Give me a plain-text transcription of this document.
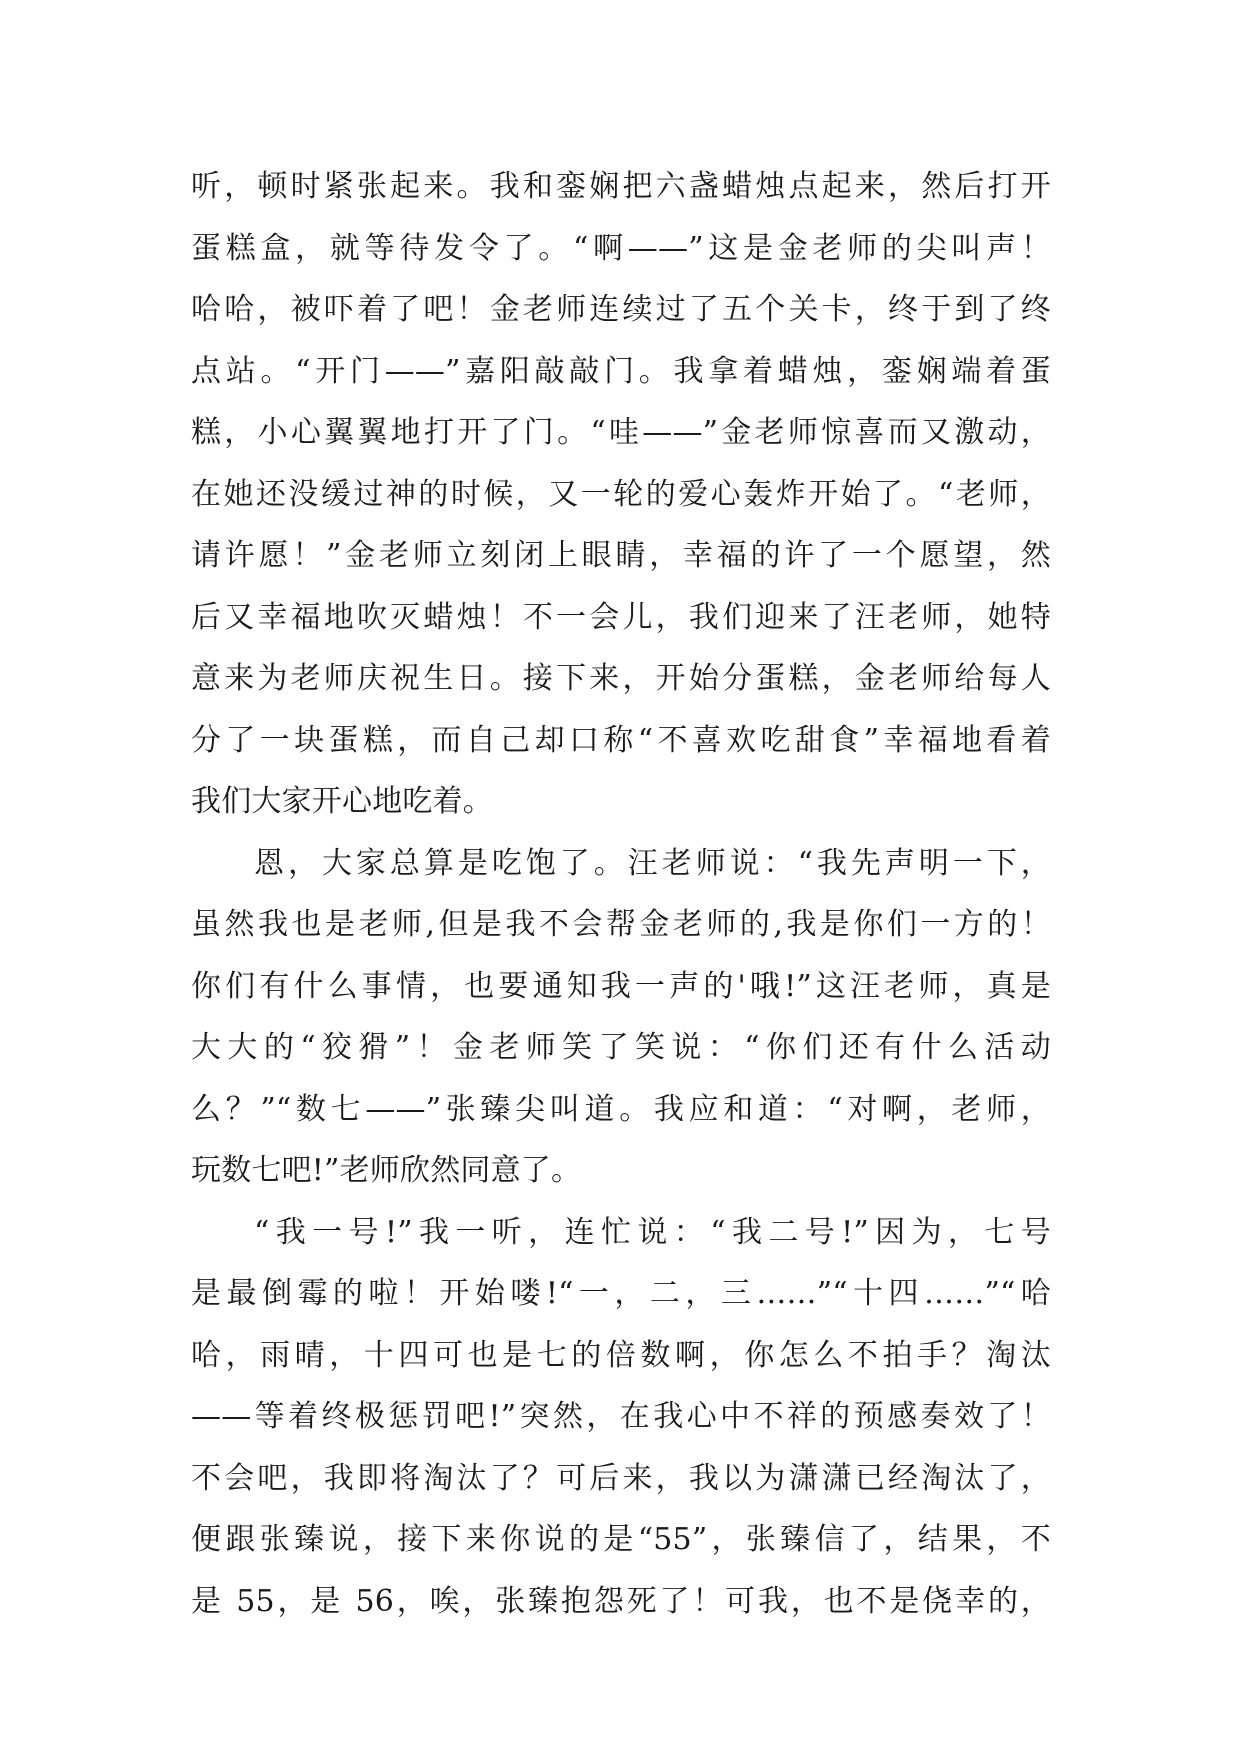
听，顿时紧张起来。我和銮娴把六盏蜡烛点起来，然后打开
蛋糕盒，就等待发令了。“啊——”这是金老师的尖叫声！
哈哈，被吓着了吧！金老师连续过了五个关卡，终于到了终
点站。“开门——”嘉阳敲敲门。我拿着蜡烛，銮娴端着蛋
糕，小心翼翼地打开了门。“哇——”金老师惊喜而又激动，
在她还没缓过神的时候，又一轮的爱心轰炸开始了。“老师，
请许愿！”金老师立刻闭上眼睛，幸福的许了一个愿望，然
后又幸福地吹灭蜡烛！不一会儿，我们迎来了汪老师，她特
意来为老师庆祝生日。接下来，开始分蛋糕，金老师给每人
分了一块蛋糕，而自己却口称“不喜欢吃甜食”幸福地看着
我们大家开心地吃着。
恩，大家总算是吃饱了。汪老师说：“我先声明一下，
虽然我也是老师,但是我不会帮金老师的,我是你们一方的！
你们有什么事情，也要通知我一声的'哦!”这汪老师，真是
大大的“狡猾”！金老师笑了笑说：“你们还有什么活动
么？”“数七——”张臻尖叫道。我应和道：“对啊，老师，
玩数七吧!”老师欣然同意了。
“我一号!”我一听，连忙说：“我二号!”因为，七号
是最倒霉的啦！开始喽!“一，二，三……”“十四……”“哈
哈，雨晴，十四可也是七的倍数啊，你怎么不拍手？淘汰
——等着终极惩罚吧!”突然，在我心中不祥的预感奏效了！
不会吧，我即将淘汰了？可后来，我以为潇潇已经淘汰了，
便跟张臻说，接下来你说的是“55”，张臻信了，结果，不
是 55，是 56，唉，张臻抱怨死了！可我，也不是侥幸的，
